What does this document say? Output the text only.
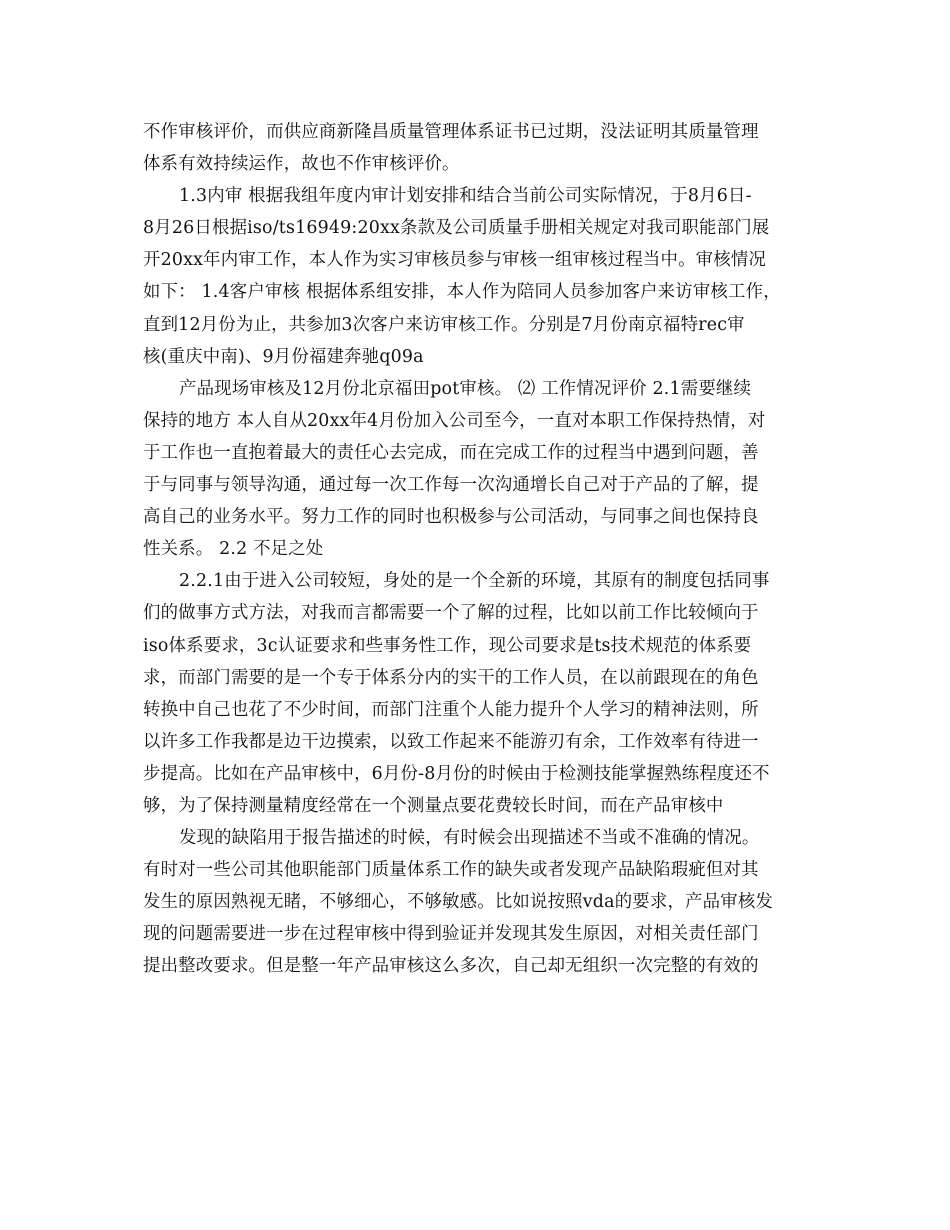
不作审核评价，而供应商新隆昌质量管理体系证书已过期，没法证明其质量管理
体系有效持续运作，故也不作审核评价。
1.3内审 根据我组年度内审计划安排和结合当前公司实际情况，于8月6日-
8月26日根据iso/ts16949:20xx条款及公司质量手册相关规定对我司职能部门展
开20xx年内审工作，本人作为实习审核员参与审核一组审核过程当中。审核情况
如下： 1.4客户审核 根据体系组安排，本人作为陪同人员参加客户来访审核工作，
直到12月份为止，共参加3次客户来访审核工作。分别是7月份南京福特rec审
核(重庆中南)、9月份福建奔驰q09a
产品现场审核及12月份北京福田pot审核。 ⑵ 工作情况评价 2.1需要继续
保持的地方 本人自从20xx年4月份加入公司至今，一直对本职工作保持热情，对
于工作也一直抱着最大的责任心去完成，而在完成工作的过程当中遇到问题，善
于与同事与领导沟通，通过每一次工作每一次沟通增长自己对于产品的了解，提
高自己的业务水平。努力工作的同时也积极参与公司活动，与同事之间也保持良
性关系。 2.2 不足之处
2.2.1由于进入公司较短，身处的是一个全新的环境，其原有的制度包括同事
们的做事方式方法，对我而言都需要一个了解的过程，比如以前工作比较倾向于
iso体系要求，3c认证要求和些事务性工作，现公司要求是ts技术规范的体系要
求，而部门需要的是一个专于体系分内的实干的工作人员，在以前跟现在的角色
转换中自己也花了不少时间，而部门注重个人能力提升个人学习的精神法则，所
以许多工作我都是边干边摸索，以致工作起来不能游刃有余，工作效率有待进一
步提高。比如在产品审核中，6月份-8月份的时候由于检测技能掌握熟练程度还不
够，为了保持测量精度经常在一个测量点要花费较长时间，而在产品审核中
发现的缺陷用于报告描述的时候，有时候会出现描述不当或不准确的情况。
有时对一些公司其他职能部门质量体系工作的缺失或者发现产品缺陷瑕疵但对其
发生的原因熟视无睹，不够细心，不够敏感。比如说按照vda的要求，产品审核发
现的问题需要进一步在过程审核中得到验证并发现其发生原因，对相关责任部门
提出整改要求。但是整一年产品审核这么多次，自己却无组织一次完整的有效的
